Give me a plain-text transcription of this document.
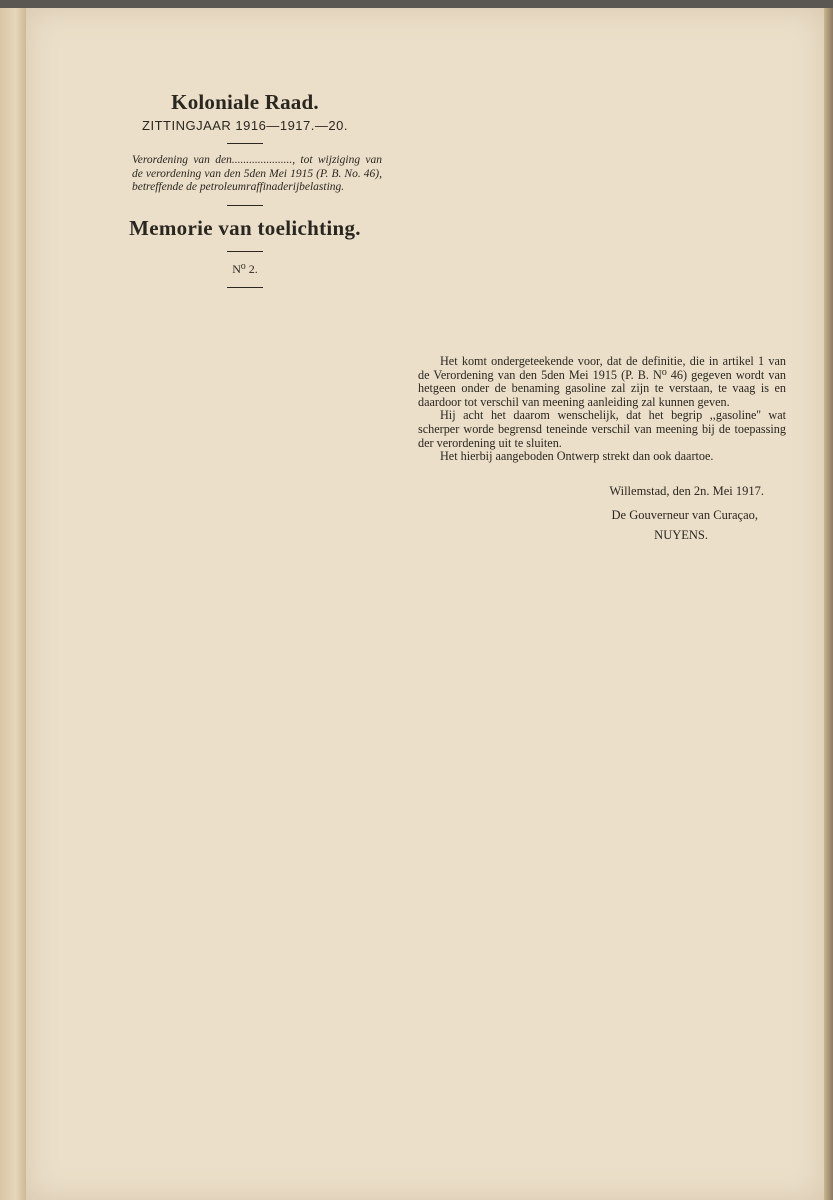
Koloniale Raad.
ZITTINGJAAR 1916—1917.—20.

Verordening van den....................., tot wijziging van de verordening van den 5den Mei 1915 (P. B. No. 46), betreffende de petroleumraffinaderijbelasting.

Memorie van toelichting.

N⁰ 2.

Het komt ondergeteekende voor, dat de definitie, die in artikel 1 van de Verordening van den 5den Mei 1915 (P. B. N⁰ 46) gegeven wordt van hetgeen onder de benaming gasoline zal zijn te verstaan, te vaag is en daardoor tot verschil van meening aanleiding zal kunnen geven.

Hij acht het daarom wenschelijk, dat het begrip ,,gasoline'' wat scherper worde begrensd teneinde verschil van meening bij de toepassing der verordening uit te sluiten.

Het hierbij aangeboden Ontwerp strekt dan ook daartoe.

Willemstad, den 2n. Mei 1917.
De Gouverneur van Curaçao,
NUYENS.
